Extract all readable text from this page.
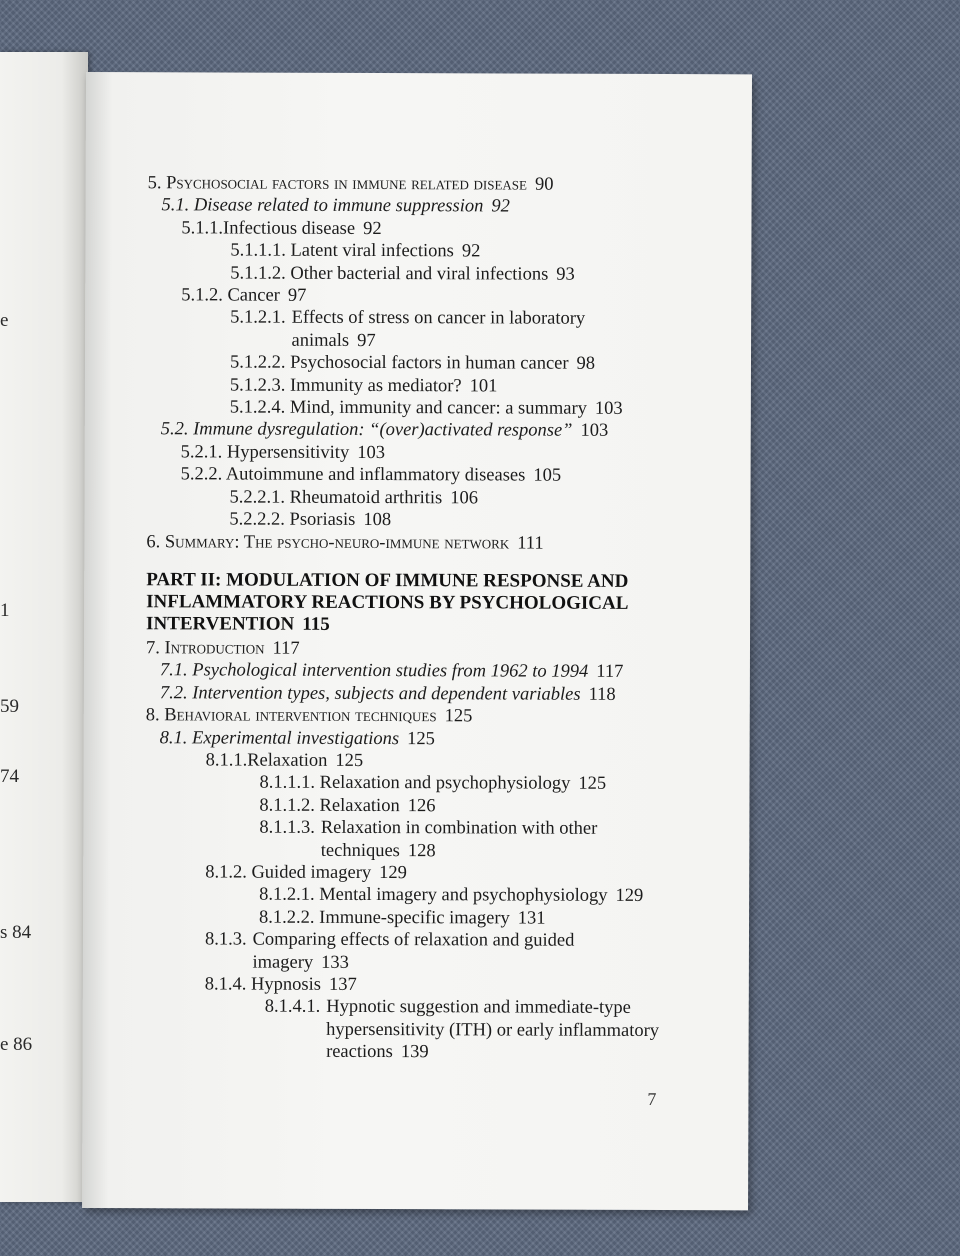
e
1
59
74
s 84
e 86
5. Psychosocial factors in immune related disease 90
5.1. Disease related to immune suppression 92
5.1.1.Infectious disease 92
5.1.1.1. Latent viral infections 92
5.1.1.2. Other bacterial and viral infections 93
5.1.2. Cancer 97
5.1.2.1. Effects of stress on cancer in laboratory animals 97
5.1.2.2. Psychosocial factors in human cancer 98
5.1.2.3. Immunity as mediator? 101
5.1.2.4. Mind, immunity and cancer: a summary 103
5.2. Immune dysregulation: “(over)activated response” 103
5.2.1. Hypersensitivity 103
5.2.2. Autoimmune and inflammatory diseases 105
5.2.2.1. Rheumatoid arthritis 106
5.2.2.2. Psoriasis 108
6. Summary: The psycho-neuro-immune network 111
PART II: MODULATION OF IMMUNE RESPONSE AND INFLAMMATORY REACTIONS BY PSYCHOLOGICAL INTERVENTION 115
7. Introduction 117
7.1. Psychological intervention studies from 1962 to 1994 117
7.2. Intervention types, subjects and dependent variables 118
8. Behavioral intervention techniques 125
8.1. Experimental investigations 125
8.1.1.Relaxation 125
8.1.1.1. Relaxation and psychophysiology 125
8.1.1.2. Relaxation 126
8.1.1.3. Relaxation in combination with other techniques 128
8.1.2. Guided imagery 129
8.1.2.1. Mental imagery and psychophysiology 129
8.1.2.2. Immune-specific imagery 131
8.1.3. Comparing effects of relaxation and guided imagery 133
8.1.4. Hypnosis 137
8.1.4.1. Hypnotic suggestion and immediate-type hypersensitivity (ITH) or early inflammatory reactions 139
7
